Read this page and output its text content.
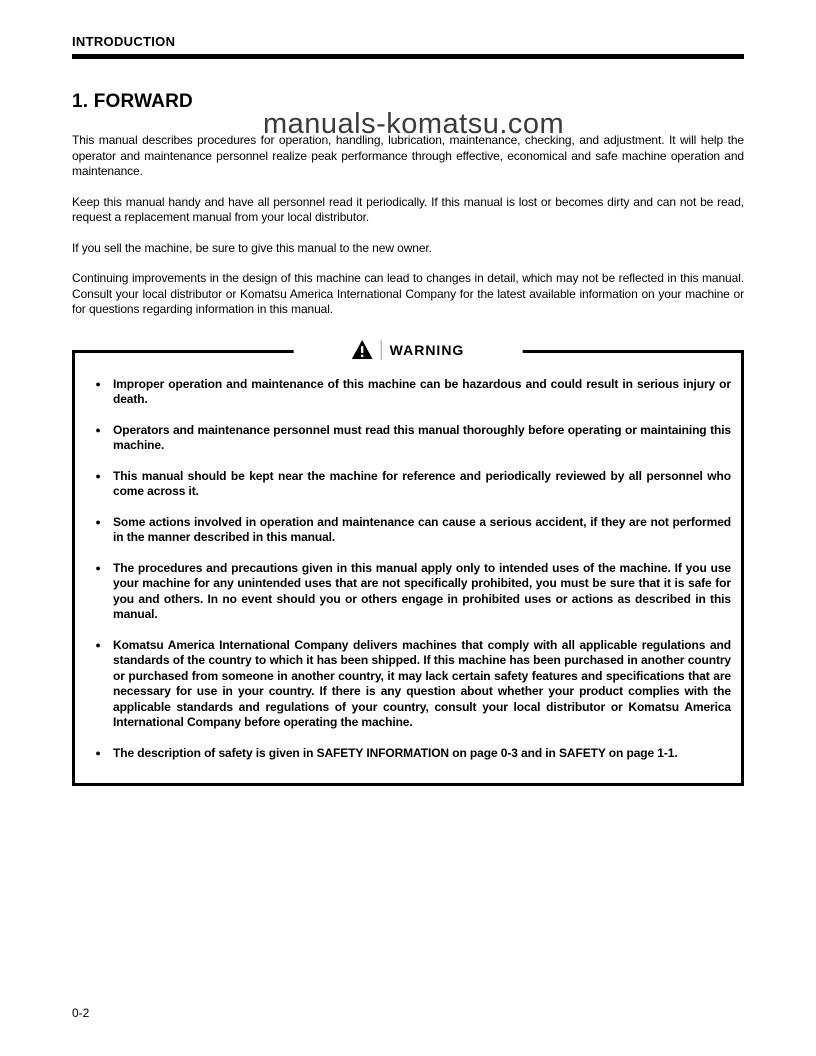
INTRODUCTION
1. FORWARD
manuals-komatsu.com

This manual describes procedures for operation, handling, lubrication, maintenance, checking, and adjustment. It will help the operator and maintenance personnel realize peak performance through effective, economical and safe machine operation and maintenance.

Keep this manual handy and have all personnel read it periodically. If this manual is lost or becomes dirty and can not be read, request a replacement manual from your local distributor.

If you sell the machine, be sure to give this manual to the new owner.

Continuing improvements in the design of this machine can lead to changes in detail, which may not be reflected in this manual. Consult your local distributor or Komatsu America International Company for the latest available information on your machine or for questions regarding information in this manual.

WARNING
●	Improper operation and maintenance of this machine can be hazardous and could result in serious injury or death.
●	Operators and maintenance personnel must read this manual thoroughly before operating or maintaining this machine.
●	This manual should be kept near the machine for reference and periodically reviewed by all personnel who come across it.
●	Some actions involved in operation and maintenance can cause a serious accident, if they are not performed in the manner described in this manual.
●	The procedures and precautions given in this manual apply only to intended uses of the machine. If you use your machine for any unintended uses that are not specifically prohibited, you must be sure that it is safe for you and others. In no event should you or others engage in prohibited uses or actions as described in this manual.
●	Komatsu America International Company delivers machines that comply with all applicable regulations and standards of the country to which it has been shipped. If this machine has been purchased in another country or purchased from someone in another country, it may lack certain safety features and specifications that are necessary for use in your country. If there is any question about whether your product complies with the applicable standards and regulations of your country, consult your local distributor or Komatsu America International Company before operating the machine.
●	The description of safety is given in SAFETY INFORMATION on page 0-3 and in SAFETY on page 1-1.
0-2
